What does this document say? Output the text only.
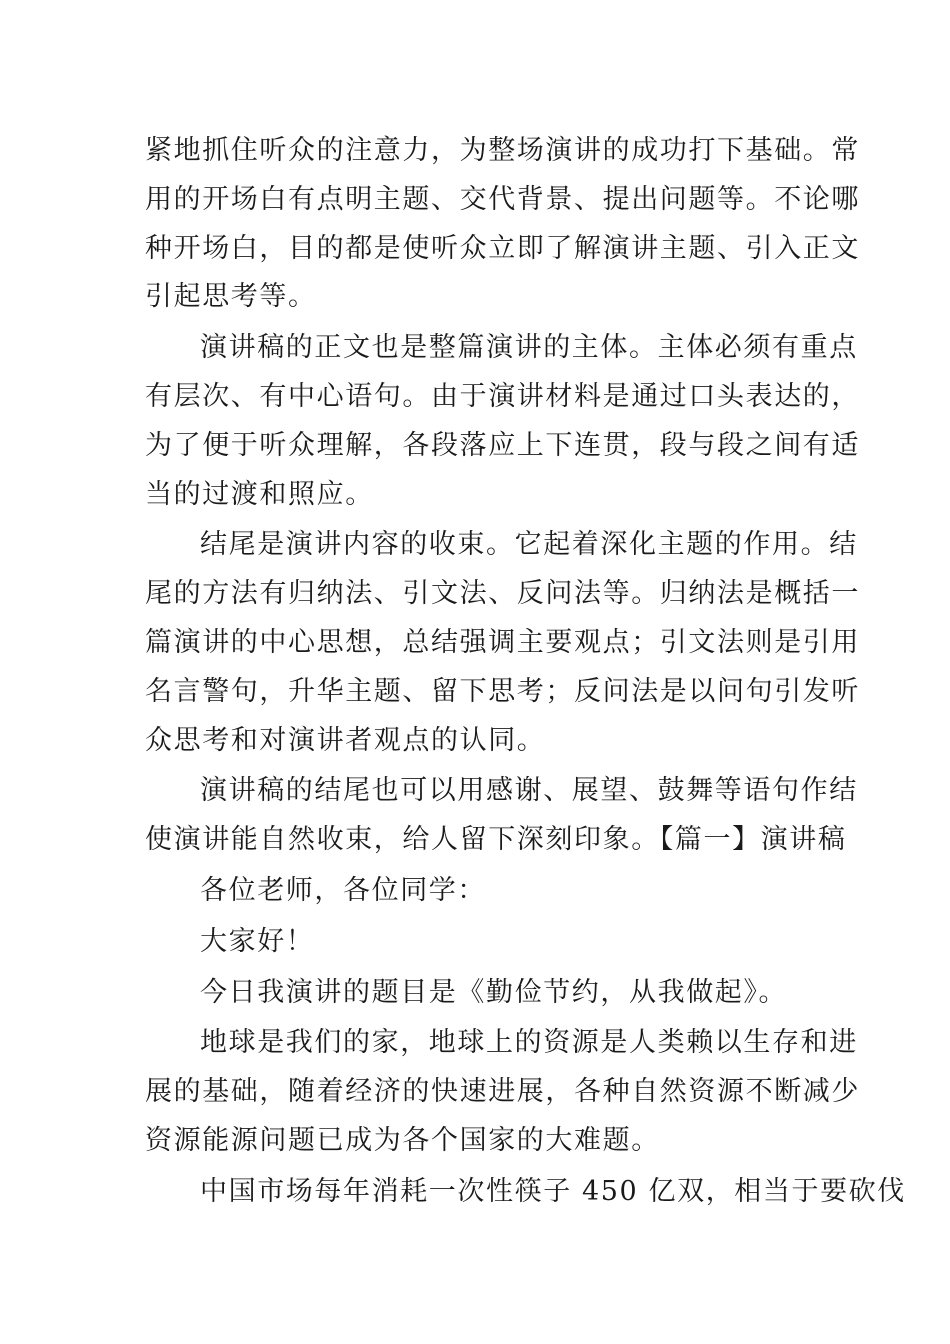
紧地抓住听众的注意力，为整场演讲的成功打下基础。常
用的开场白有点明主题、交代背景、提出问题等。不论哪
种开场白，目的都是使听众立即了解演讲主题、引入正文
引起思考等。
演讲稿的正文也是整篇演讲的主体。主体必须有重点
有层次、有中心语句。由于演讲材料是通过口头表达的，
为了便于听众理解，各段落应上下连贯，段与段之间有适
当的过渡和照应。
结尾是演讲内容的收束。它起着深化主题的作用。结
尾的方法有归纳法、引文法、反问法等。归纳法是概括一
篇演讲的中心思想，总结强调主要观点；引文法则是引用
名言警句，升华主题、留下思考；反问法是以问句引发听
众思考和对演讲者观点的认同。
演讲稿的结尾也可以用感谢、展望、鼓舞等语句作结
使演讲能自然收束，给人留下深刻印象。【篇一】演讲稿
各位老师，各位同学：
大家好！
今日我演讲的题目是《勤俭节约，从我做起》。
地球是我们的家，地球上的资源是人类赖以生存和进
展的基础，随着经济的快速进展，各种自然资源不断减少
资源能源问题已成为各个国家的大难题。
中国市场每年消耗一次性筷子 450 亿双，相当于要砍伐
